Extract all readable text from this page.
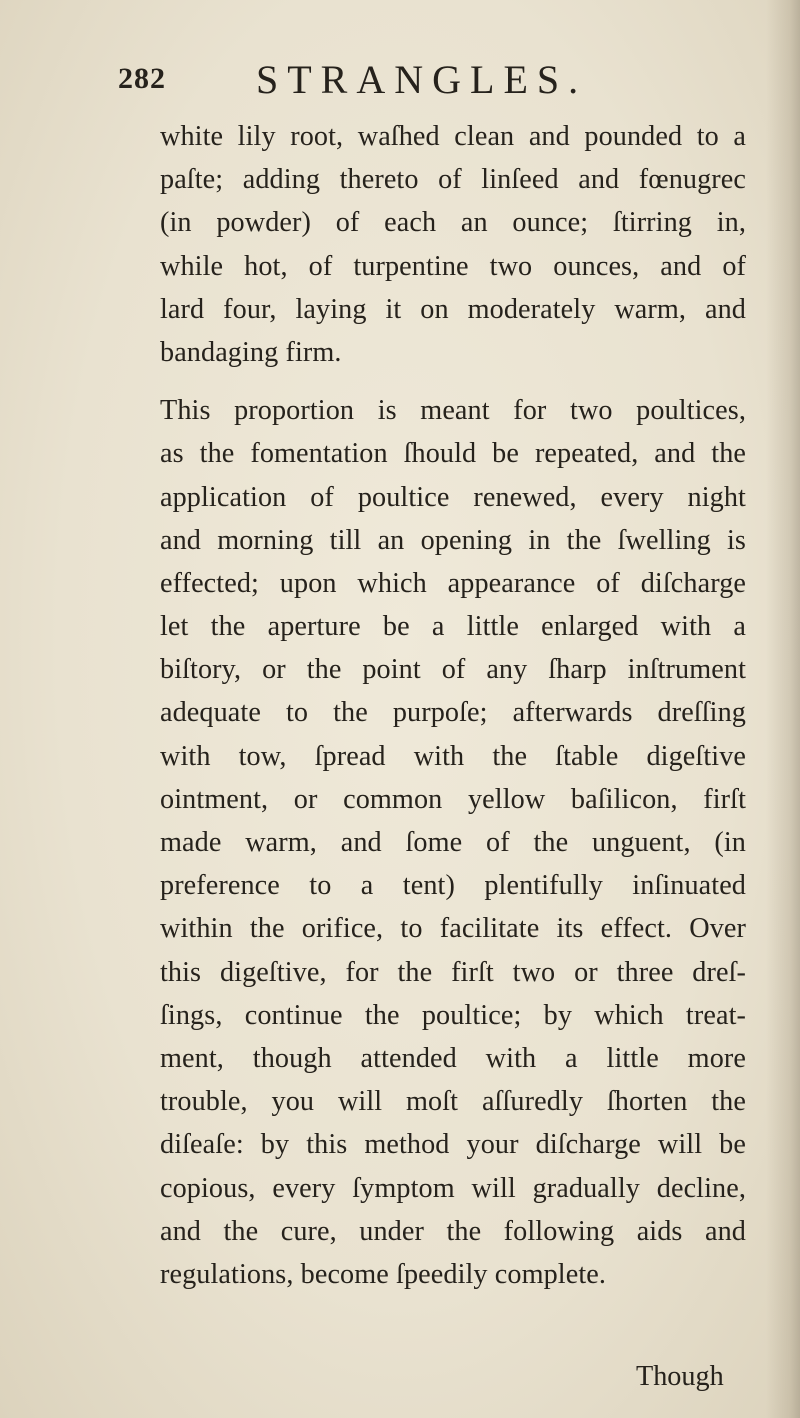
282 STRANGLES.
white lily root, waſhed clean and pounded to a
paſte; adding thereto of linſeed and fœnugrec
(in powder) of each an ounce; ſtirring in,
while hot, of turpentine two ounces, and of
lard four, laying it on moderately warm, and
bandaging firm.
This proportion is meant for two poultices,
as the fomentation ſhould be repeated, and the
application of poultice renewed, every night
and morning till an opening in the ſwelling is
effected; upon which appearance of diſcharge
let the aperture be a little enlarged with a
biſtory, or the point of any ſharp inſtrument
adequate to the purpoſe; afterwards dreſſing
with tow, ſpread with the ſtable digeſtive
ointment, or common yellow baſilicon, firſt
made warm, and ſome of the unguent, (in
preference to a tent) plentifully inſinuated
within the orifice, to facilitate its effect. Over
this digeſtive, for the firſt two or three dreſ-
ſings, continue the poultice; by which treat-
ment, though attended with a little more
trouble, you will moſt aſſuredly ſhorten the
diſeaſe: by this method your diſcharge will be
copious, every ſymptom will gradually decline,
and the cure, under the following aids and
regulations, become ſpeedily complete.
Though
